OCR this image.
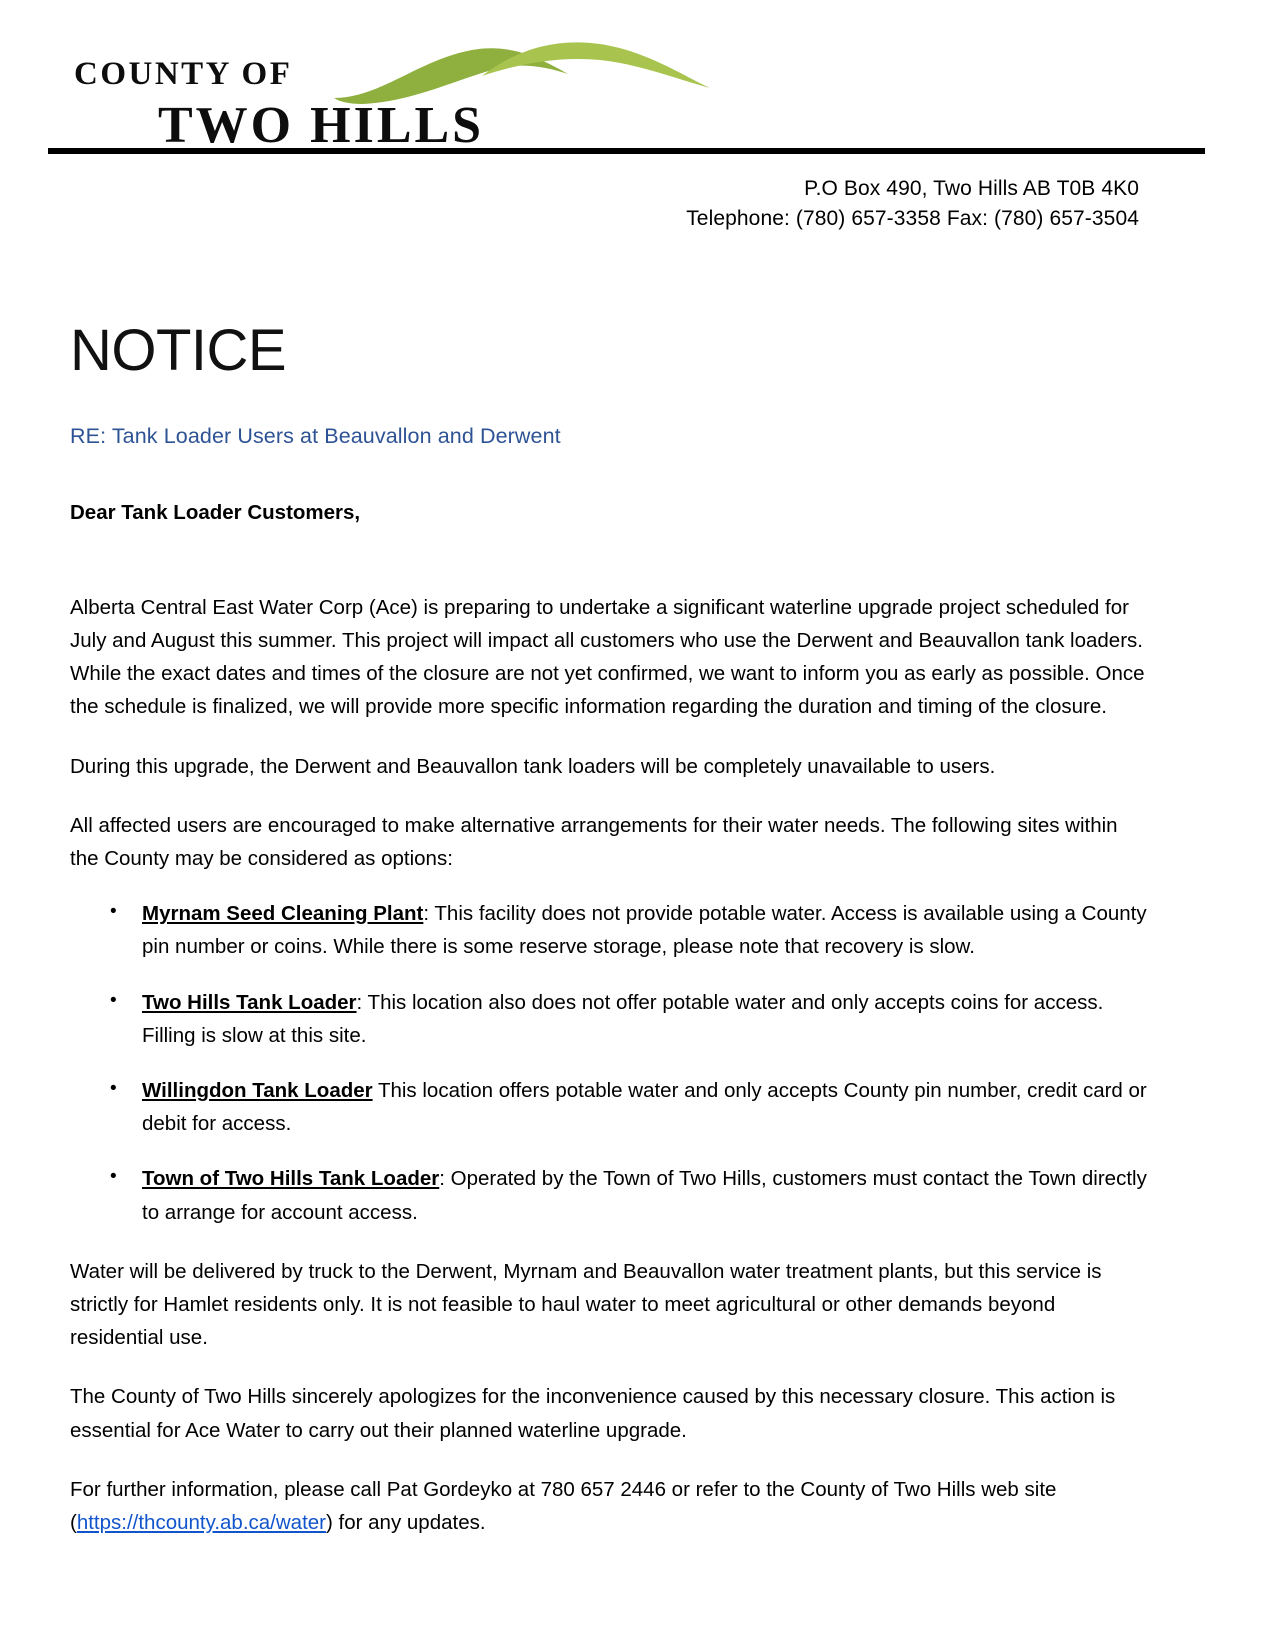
COUNTY OF
TWO HILLS
P.O Box 490, Two Hills AB T0B 4K0
Telephone: (780) 657-3358 Fax: (780) 657-3504
NOTICE
RE: Tank Loader Users at Beauvallon and Derwent
Dear Tank Loader Customers,

Alberta Central East Water Corp (Ace) is preparing to undertake a significant waterline upgrade project scheduled for July and August this summer. This project will impact all customers who use the Derwent and Beauvallon tank loaders. While the exact dates and times of the closure are not yet confirmed, we want to inform you as early as possible. Once the schedule is finalized, we will provide more specific information regarding the duration and timing of the closure.

During this upgrade, the Derwent and Beauvallon tank loaders will be completely unavailable to users.

All affected users are encouraged to make alternative arrangements for their water needs. The following sites within the County may be considered as options:

• Myrnam Seed Cleaning Plant: This facility does not provide potable water. Access is available using a County pin number or coins. While there is some reserve storage, please note that recovery is slow.
• Two Hills Tank Loader: This location also does not offer potable water and only accepts coins for access. Filling is slow at this site.
• Willingdon Tank Loader This location offers potable water and only accepts County pin number, credit card or debit for access.
• Town of Two Hills Tank Loader: Operated by the Town of Two Hills, customers must contact the Town directly to arrange for account access.

Water will be delivered by truck to the Derwent, Myrnam and Beauvallon water treatment plants, but this service is strictly for Hamlet residents only. It is not feasible to haul water to meet agricultural or other demands beyond residential use.

The County of Two Hills sincerely apologizes for the inconvenience caused by this necessary closure. This action is essential for Ace Water to carry out their planned waterline upgrade.

For further information, please call Pat Gordeyko at 780 657 2446 or refer to the County of Two Hills web site (https://thcounty.ab.ca/water) for any updates.
